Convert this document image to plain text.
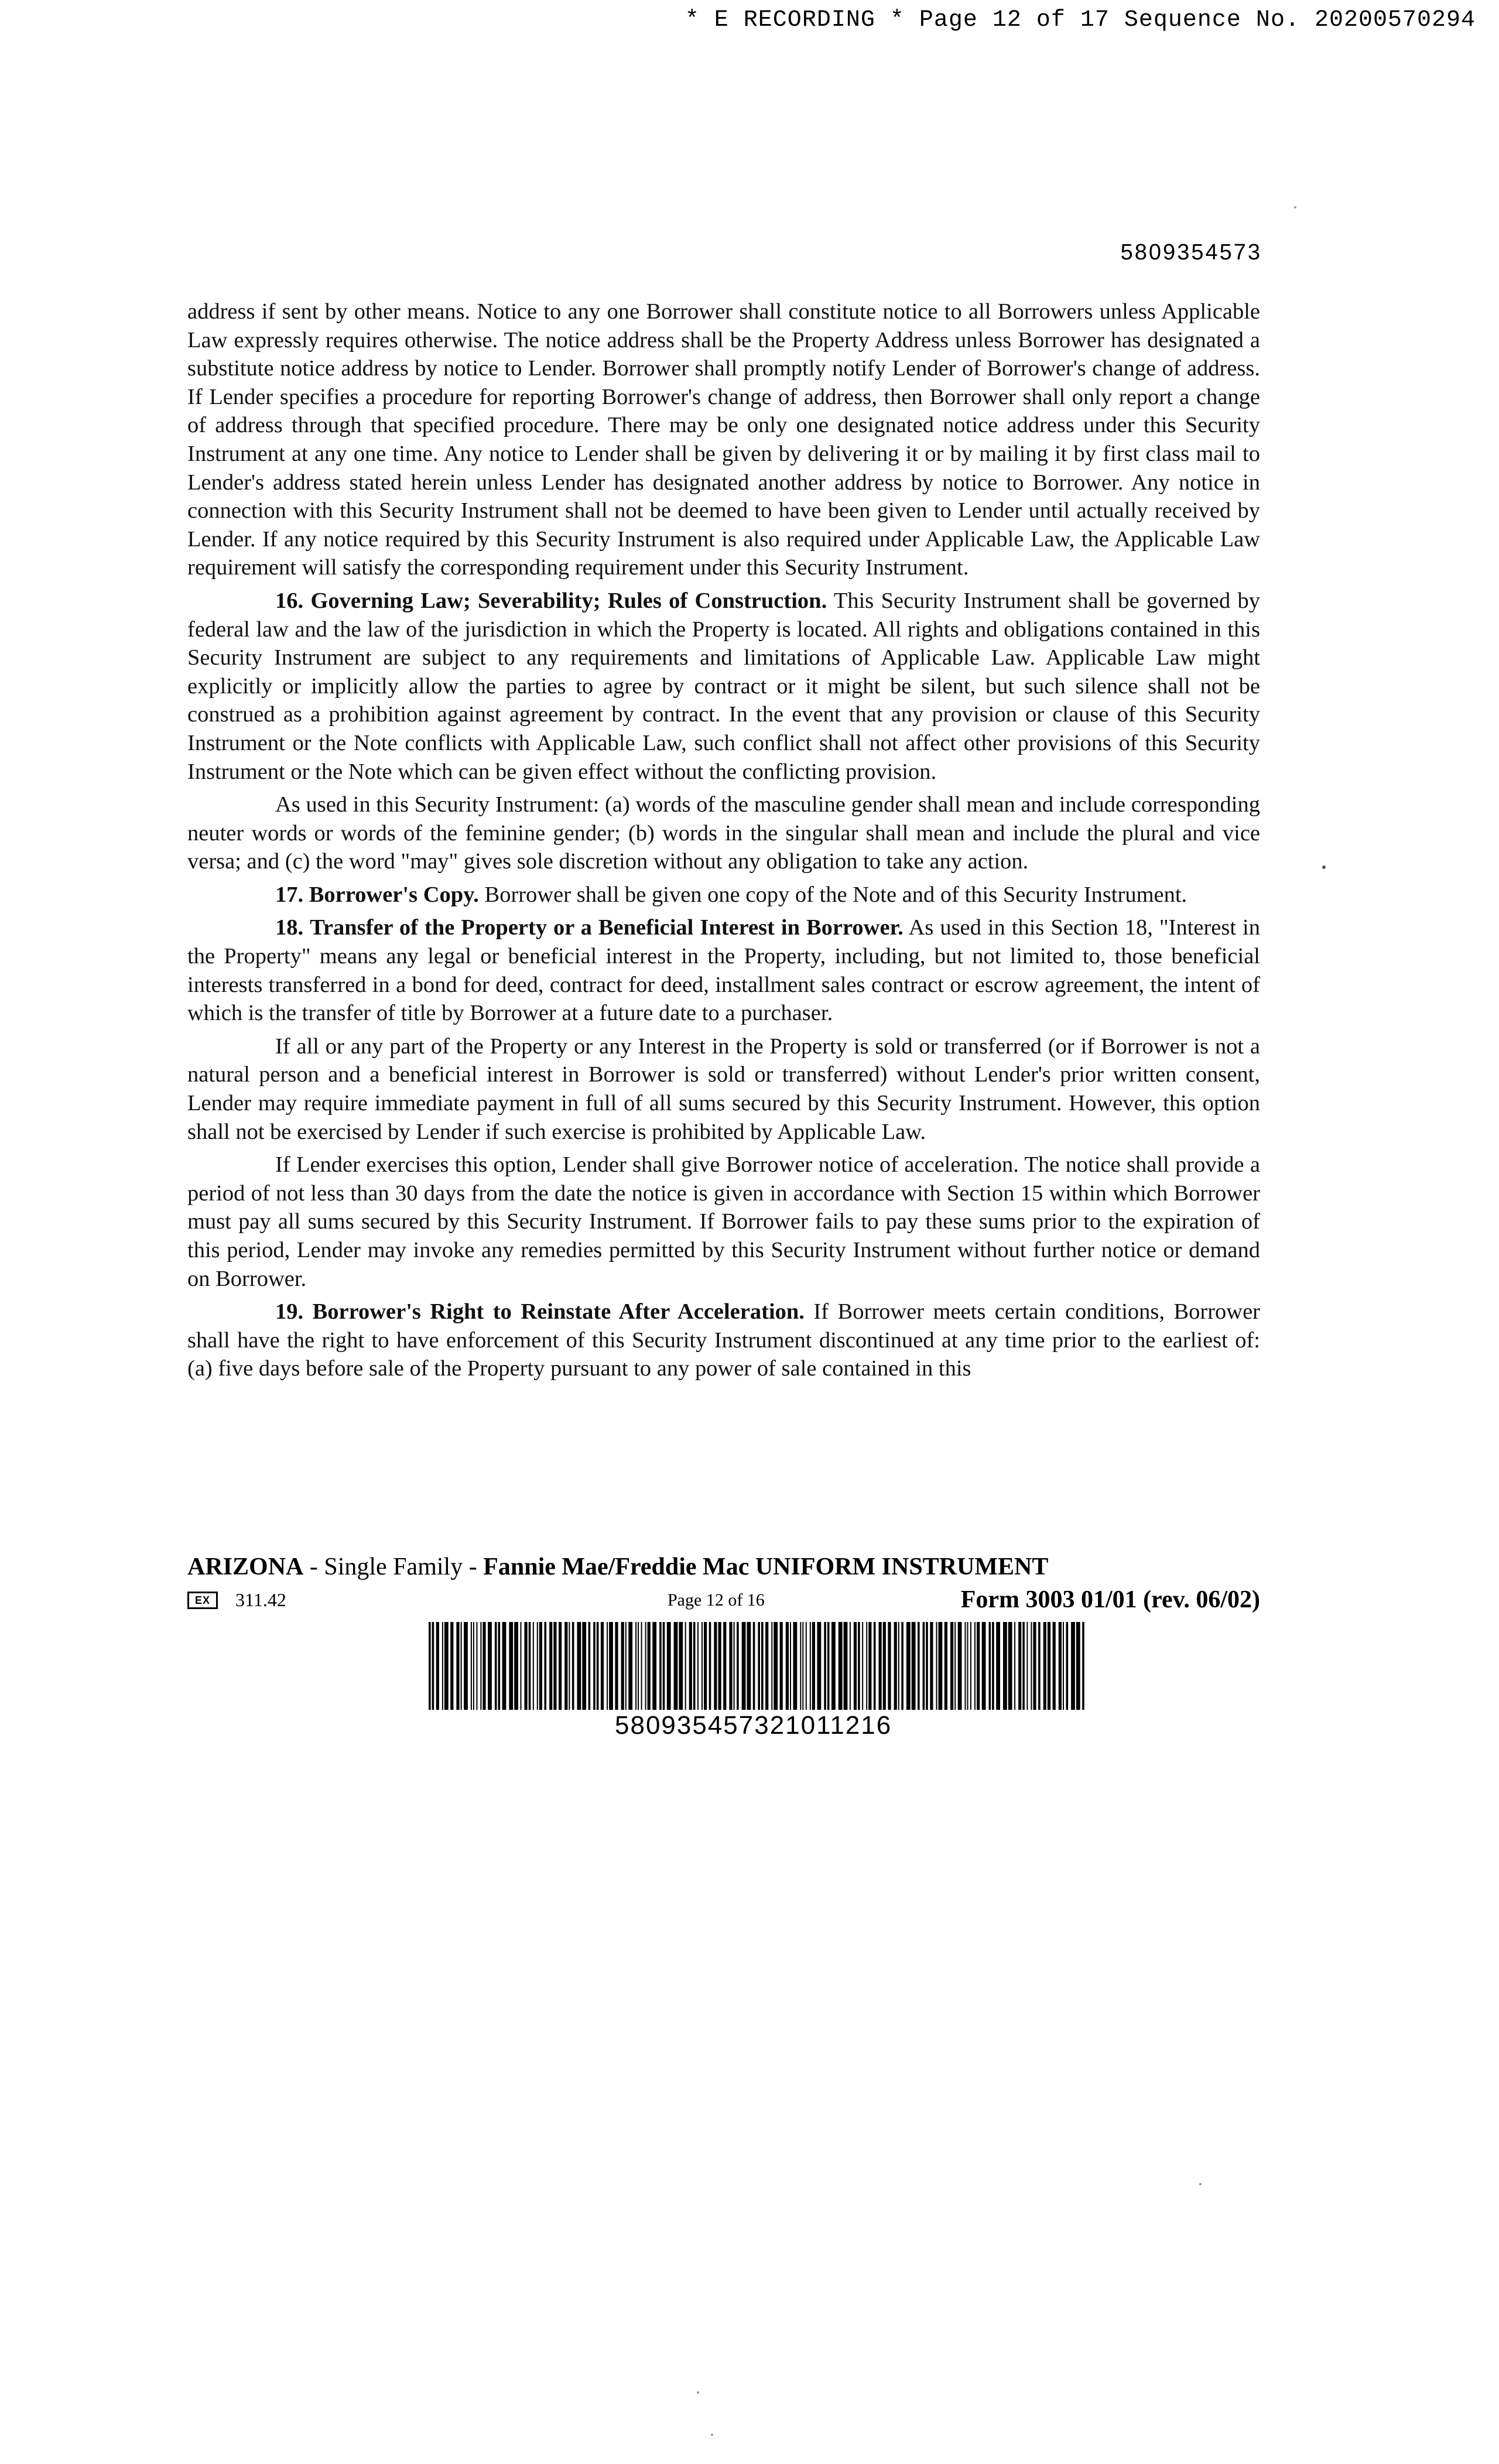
* E RECORDING * Page 12 of 17 Sequence No. 20200570294
5809354573

address if sent by other means. Notice to any one Borrower shall constitute notice to all Borrowers unless Applicable Law expressly requires otherwise. The notice address shall be the Property Address unless Borrower has designated a substitute notice address by notice to Lender. Borrower shall promptly notify Lender of Borrower's change of address. If Lender specifies a procedure for reporting Borrower's change of address, then Borrower shall only report a change of address through that specified procedure. There may be only one designated notice address under this Security Instrument at any one time. Any notice to Lender shall be given by delivering it or by mailing it by first class mail to Lender's address stated herein unless Lender has designated another address by notice to Borrower. Any notice in connection with this Security Instrument shall not be deemed to have been given to Lender until actually received by Lender. If any notice required by this Security Instrument is also required under Applicable Law, the Applicable Law requirement will satisfy the corresponding requirement under this Security Instrument.

16. Governing Law; Severability; Rules of Construction. This Security Instrument shall be governed by federal law and the law of the jurisdiction in which the Property is located. All rights and obligations contained in this Security Instrument are subject to any requirements and limitations of Applicable Law. Applicable Law might explicitly or implicitly allow the parties to agree by contract or it might be silent, but such silence shall not be construed as a prohibition against agreement by contract. In the event that any provision or clause of this Security Instrument or the Note conflicts with Applicable Law, such conflict shall not affect other provisions of this Security Instrument or the Note which can be given effect without the conflicting provision.

As used in this Security Instrument: (a) words of the masculine gender shall mean and include corresponding neuter words or words of the feminine gender; (b) words in the singular shall mean and include the plural and vice versa; and (c) the word "may" gives sole discretion without any obligation to take any action.

17. Borrower's Copy. Borrower shall be given one copy of the Note and of this Security Instrument.

18. Transfer of the Property or a Beneficial Interest in Borrower. As used in this Section 18, "Interest in the Property" means any legal or beneficial interest in the Property, including, but not limited to, those beneficial interests transferred in a bond for deed, contract for deed, installment sales contract or escrow agreement, the intent of which is the transfer of title by Borrower at a future date to a purchaser.

If all or any part of the Property or any Interest in the Property is sold or transferred (or if Borrower is not a natural person and a beneficial interest in Borrower is sold or transferred) without Lender's prior written consent, Lender may require immediate payment in full of all sums secured by this Security Instrument. However, this option shall not be exercised by Lender if such exercise is prohibited by Applicable Law.

If Lender exercises this option, Lender shall give Borrower notice of acceleration. The notice shall provide a period of not less than 30 days from the date the notice is given in accordance with Section 15 within which Borrower must pay all sums secured by this Security Instrument. If Borrower fails to pay these sums prior to the expiration of this period, Lender may invoke any remedies permitted by this Security Instrument without further notice or demand on Borrower.

19. Borrower's Right to Reinstate After Acceleration. If Borrower meets certain conditions, Borrower shall have the right to have enforcement of this Security Instrument discontinued at any time prior to the earliest of: (a) five days before sale of the Property pursuant to any power of sale contained in this

ARIZONA - Single Family - Fannie Mae/Freddie Mac UNIFORM INSTRUMENT
EX	311.42	Page 12 of 16	Form 3003 01/01 (rev. 06/02)
580935457321011216
